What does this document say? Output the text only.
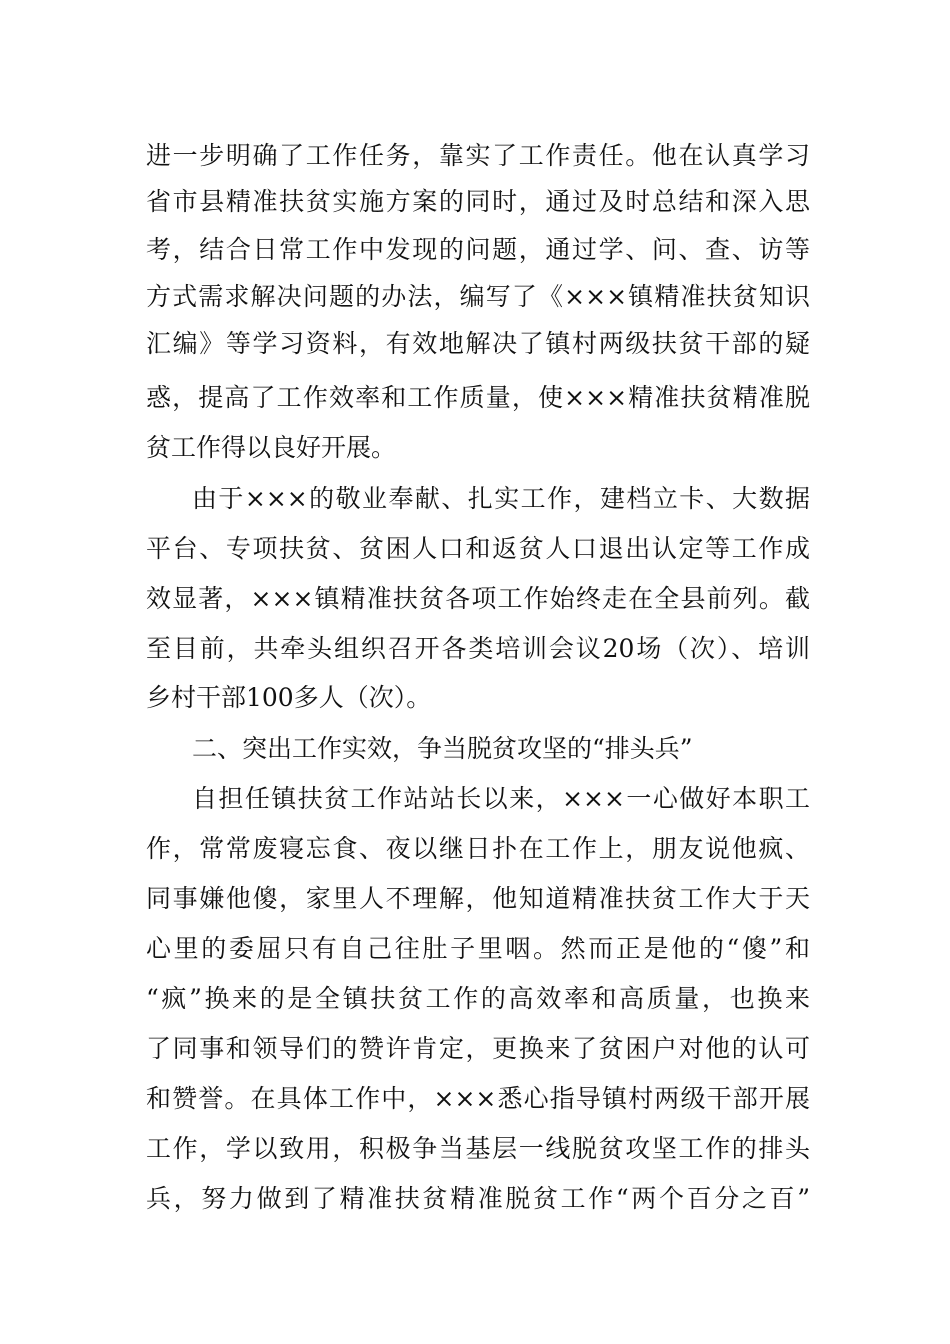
进一步明确了工作任务，靠实了工作责任。他在认真学习
省市县精准扶贫实施方案的同时，通过及时总结和深入思
考，结合日常工作中发现的问题，通过学、问、查、访等
方式需求解决问题的办法，编写了《×××镇精准扶贫知识
汇编》等学习资料，有效地解决了镇村两级扶贫干部的疑
惑，提高了工作效率和工作质量，使×××精准扶贫精准脱
贫工作得以良好开展。
由于×××的敬业奉献、扎实工作，建档立卡、大数据
平台、专项扶贫、贫困人口和返贫人口退出认定等工作成
效显著，×××镇精准扶贫各项工作始终走在全县前列。截
至目前，共牵头组织召开各类培训会议20场（次）、培训
乡村干部100多人（次）。
二、突出工作实效，争当脱贫攻坚的“排头兵”
自担任镇扶贫工作站站长以来，×××一心做好本职工
作，常常废寝忘食、夜以继日扑在工作上，朋友说他疯、
同事嫌他傻，家里人不理解，他知道精准扶贫工作大于天
心里的委屈只有自己往肚子里咽。然而正是他的“傻”和
“疯”换来的是全镇扶贫工作的高效率和高质量，也换来
了同事和领导们的赞许肯定，更换来了贫困户对他的认可
和赞誉。在具体工作中，×××悉心指导镇村两级干部开展
工作，学以致用，积极争当基层一线脱贫攻坚工作的排头
兵，努力做到了精准扶贫精准脱贫工作“两个百分之百”
